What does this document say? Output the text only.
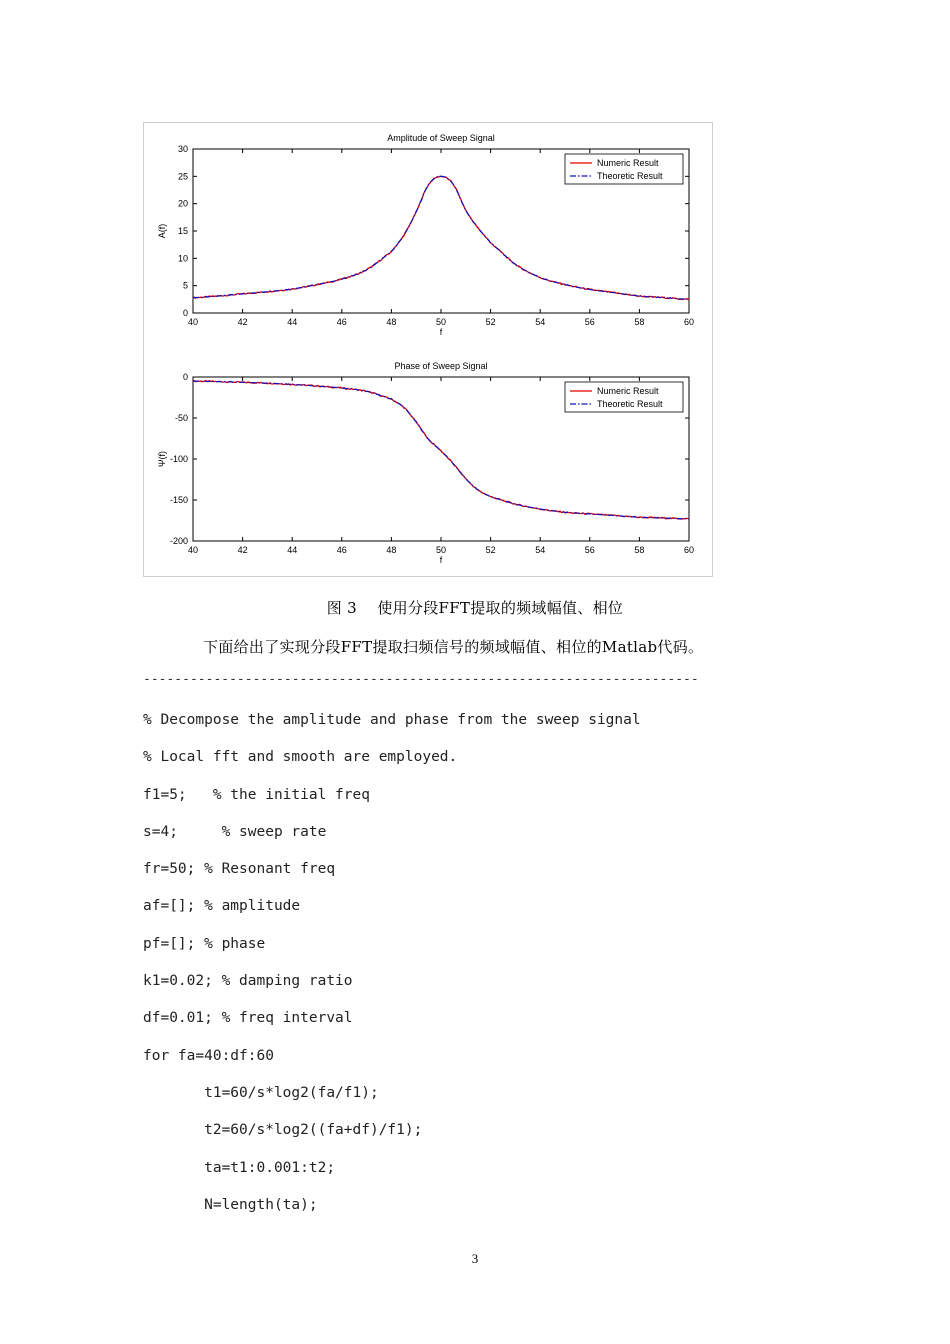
Amplitude of Sweep Signal
40	42	44	46	48	50	52	54	56	58	60
0
5
10
15
20
25
30
f
A(f)
Numeric Result
Theoretic Result
Phase of Sweep Signal
40	42	44	46	48	50	52	54	56	58	60
0
-50
-100
-150
-200
f
Ψ(f)
Numeric Result
Theoretic Result
图 3　 使用分段FFT提取的频域幅值、相位
下面给出了实现分段FFT提取扫频信号的频域幅值、相位的Matlab代码。
-----------------------------------------------------------------------
% Decompose the amplitude and phase from the sweep signal
% Local fft and smooth are employed.
f1=5;   % the initial freq
s=4;     % sweep rate
fr=50; % Resonant freq
af=[]; % amplitude
pf=[]; % phase
k1=0.02; % damping ratio
df=0.01; % freq interval
for fa=40:df:60
t1=60/s*log2(fa/f1);
t2=60/s*log2((fa+df)/f1);
ta=t1:0.001:t2;
N=length(ta);
3
